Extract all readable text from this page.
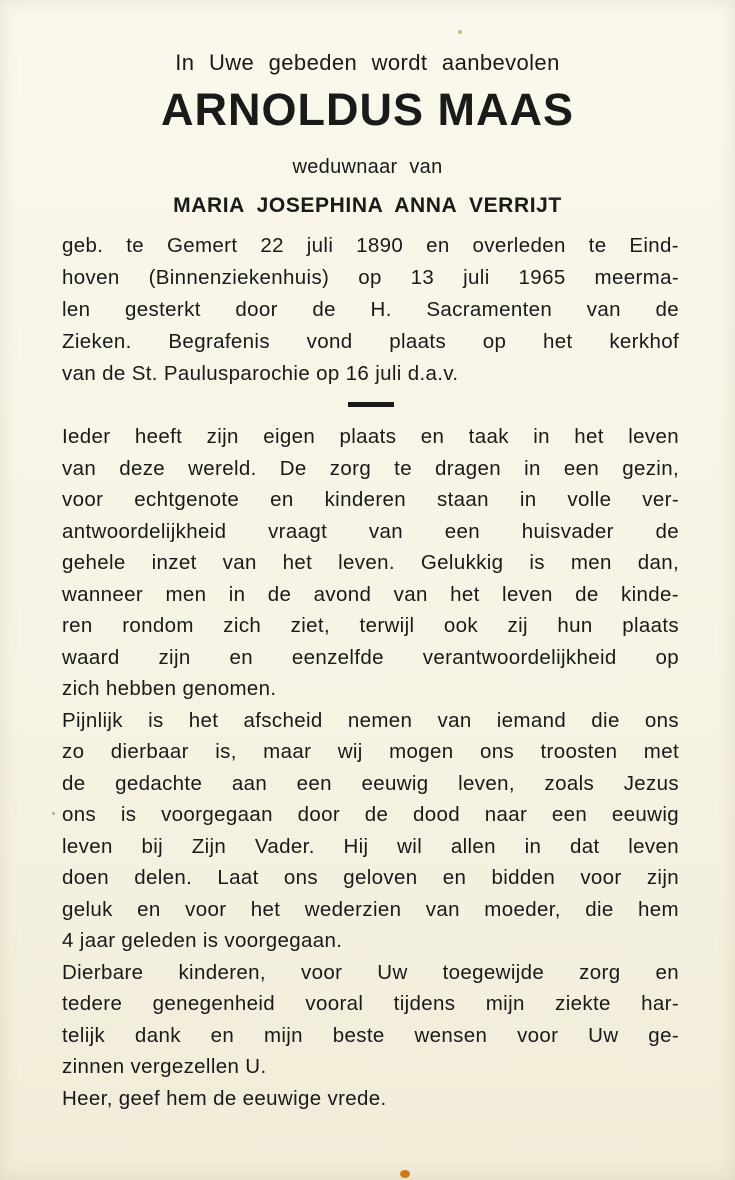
In Uwe gebeden wordt aanbevolen
ARNOLDUS MAAS
weduwnaar van
MARIA JOSEPHINA ANNA VERRIJT
geb. te Gemert 22 juli 1890 en overleden te Eind-
hoven (Binnenziekenhuis) op 13 juli 1965 meerma-
len gesterkt door de H. Sacramenten van de
Zieken. Begrafenis vond plaats op het kerkhof
van de St. Paulusparochie op 16 juli d.a.v.
Ieder heeft zijn eigen plaats en taak in het leven
van deze wereld. De zorg te dragen in een gezin,
voor echtgenote en kinderen staan in volle ver-
antwoordelijkheid vraagt van een huisvader de
gehele inzet van het leven. Gelukkig is men dan,
wanneer men in de avond van het leven de kinde-
ren rondom zich ziet, terwijl ook zij hun plaats
waard zijn en eenzelfde verantwoordelijkheid op
zich hebben genomen.
Pijnlijk is het afscheid nemen van iemand die ons
zo dierbaar is, maar wij mogen ons troosten met
de gedachte aan een eeuwig leven, zoals Jezus
ons is voorgegaan door de dood naar een eeuwig
leven bij Zijn Vader. Hij wil allen in dat leven
doen delen. Laat ons geloven en bidden voor zijn
geluk en voor het wederzien van moeder, die hem
4 jaar geleden is voorgegaan.
Dierbare kinderen, voor Uw toegewijde zorg en
tedere genegenheid vooral tijdens mijn ziekte har-
telijk dank en mijn beste wensen voor Uw ge-
zinnen vergezellen U.
Heer, geef hem de eeuwige vrede.
